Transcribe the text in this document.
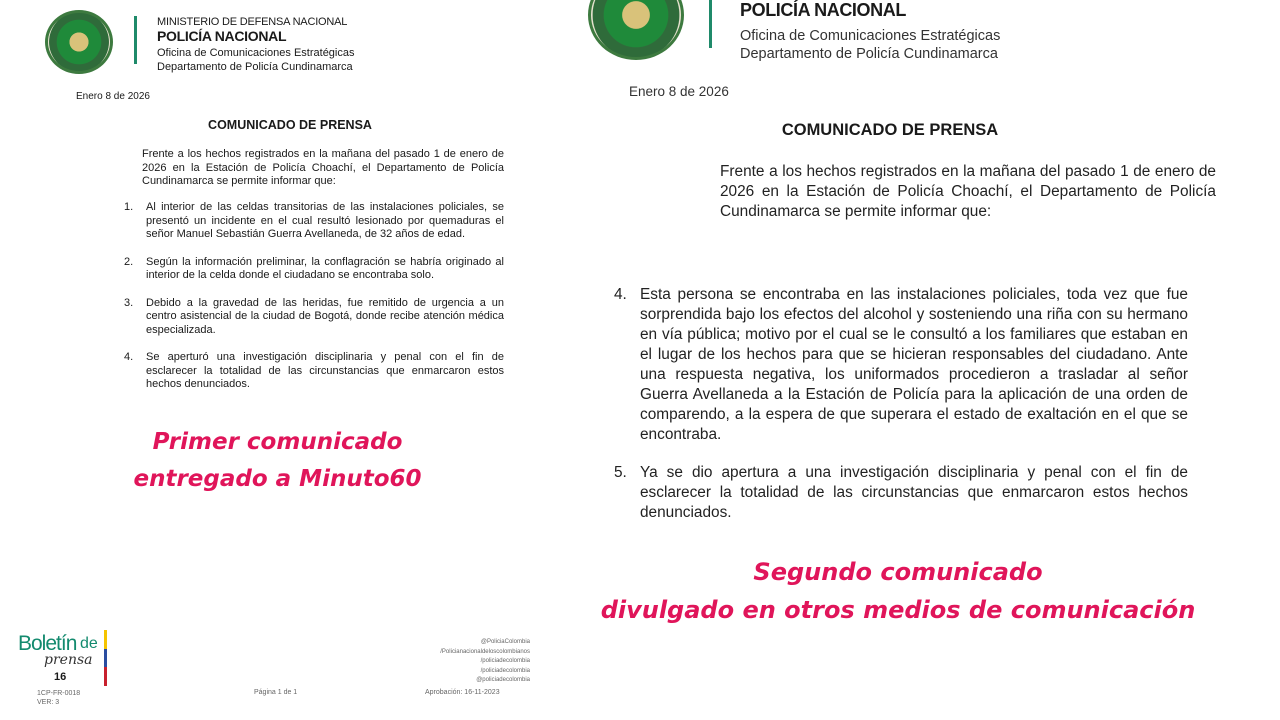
MINISTERIO DE DEFENSA NACIONAL
POLICÍA NACIONAL
Oficina de Comunicaciones Estratégicas
Departamento de Policía Cundinamarca
Enero 8 de 2026
COMUNICADO DE PRENSA
Frente a los hechos registrados en la mañana del pasado 1 de enero de 2026 en la Estación de Policía Choachí, el Departamento de Policía Cundinamarca se permite informar que:
1.	Al interior de las celdas transitorias de las instalaciones policiales, se presentó un incidente en el cual resultó lesionado por quemaduras el señor Manuel Sebastián Guerra Avellaneda, de 32 años de edad.
2.	Según la información preliminar, la conflagración se habría originado al interior de la celda donde el ciudadano se encontraba solo.
3.	Debido a la gravedad de las heridas, fue remitido de urgencia a un centro asistencial de la ciudad de Bogotá, donde recibe atención médica especializada.
4.	Se aperturó una investigación disciplinaria y penal con el fin de esclarecer la totalidad de las circunstancias que enmarcaron estos hechos denunciados.
Primer comunicado
entregado a Minuto60
Boletín de
prensa
16
1CP-FR-0018
VER: 3
Página 1 de 1	Aprobación: 16-11-2023
@PoliciaColombia
/Policianacionaldeloscolombianos
/policiadecolombia
/policiadecolombia
@policiadecolombia
POLICÍA NACIONAL
Oficina de Comunicaciones Estratégicas
Departamento de Policía Cundinamarca
Enero 8 de 2026
COMUNICADO DE PRENSA
Frente a los hechos registrados en la mañana del pasado 1 de enero de 2026 en la Estación de Policía Choachí, el Departamento de Policía Cundinamarca se permite informar que:
4. Esta persona se encontraba en las instalaciones policiales, toda vez que fue sorprendida bajo los efectos del alcohol y sosteniendo una riña con su hermano en vía pública; motivo por el cual se le consultó a los familiares que estaban en el lugar de los hechos para que se hicieran responsables del ciudadano. Ante una respuesta negativa, los uniformados procedieron a trasladar al señor Guerra Avellaneda a la Estación de Policía para la aplicación de una orden de comparendo, a la espera de que superara el estado de exaltación en el que se encontraba.
5. Ya se dio apertura a una investigación disciplinaria y penal con el fin de esclarecer la totalidad de las circunstancias que enmarcaron estos hechos denunciados.
Segundo comunicado
divulgado en otros medios de comunicación
